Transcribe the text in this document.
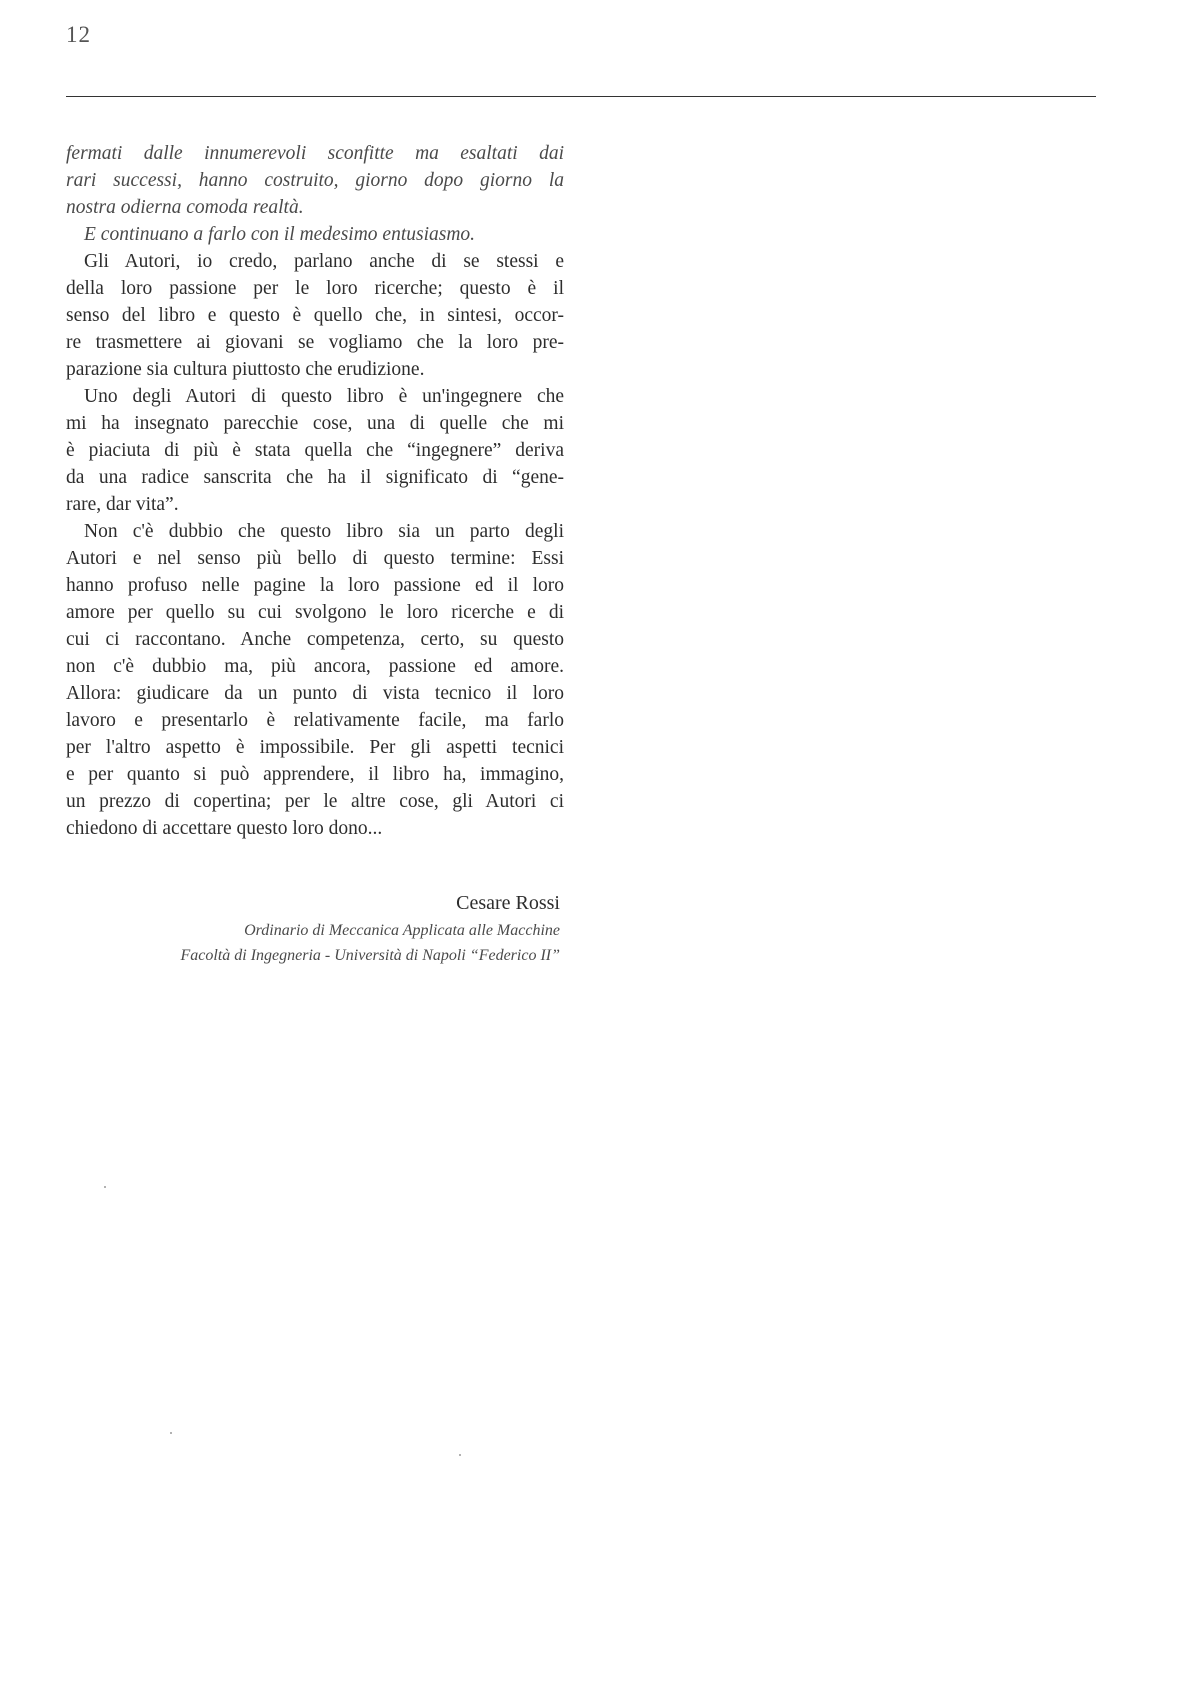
12
fermati dalle innumerevoli sconfitte ma esaltati dai
rari successi, hanno costruito, giorno dopo giorno la
nostra odierna comoda realtà.
E continuano a farlo con il medesimo entusiasmo.
Gli Autori, io credo, parlano anche di se stessi e
della loro passione per le loro ricerche; questo è il
senso del libro e questo è quello che, in sintesi, occor-
re trasmettere ai giovani se vogliamo che la loro pre-
parazione sia cultura piuttosto che erudizione.
Uno degli Autori di questo libro è un'ingegnere che
mi ha insegnato parecchie cose, una di quelle che mi
è piaciuta di più è stata quella che “ingegnere” deriva
da una radice sanscrita che ha il significato di “gene-
rare, dar vita”.
Non c'è dubbio che questo libro sia un parto degli
Autori e nel senso più bello di questo termine: Essi
hanno profuso nelle pagine la loro passione ed il loro
amore per quello su cui svolgono le loro ricerche e di
cui ci raccontano. Anche competenza, certo, su questo
non c'è dubbio ma, più ancora, passione ed amore.
Allora: giudicare da un punto di vista tecnico il loro
lavoro e presentarlo è relativamente facile, ma farlo
per l'altro aspetto è impossibile. Per gli aspetti tecnici
e per quanto si può apprendere, il libro ha, immagino,
un prezzo di copertina; per le altre cose, gli Autori ci
chiedono di accettare questo loro dono...
Cesare Rossi
Ordinario di Meccanica Applicata alle Macchine
Facoltà di Ingegneria - Università di Napoli “Federico II”
